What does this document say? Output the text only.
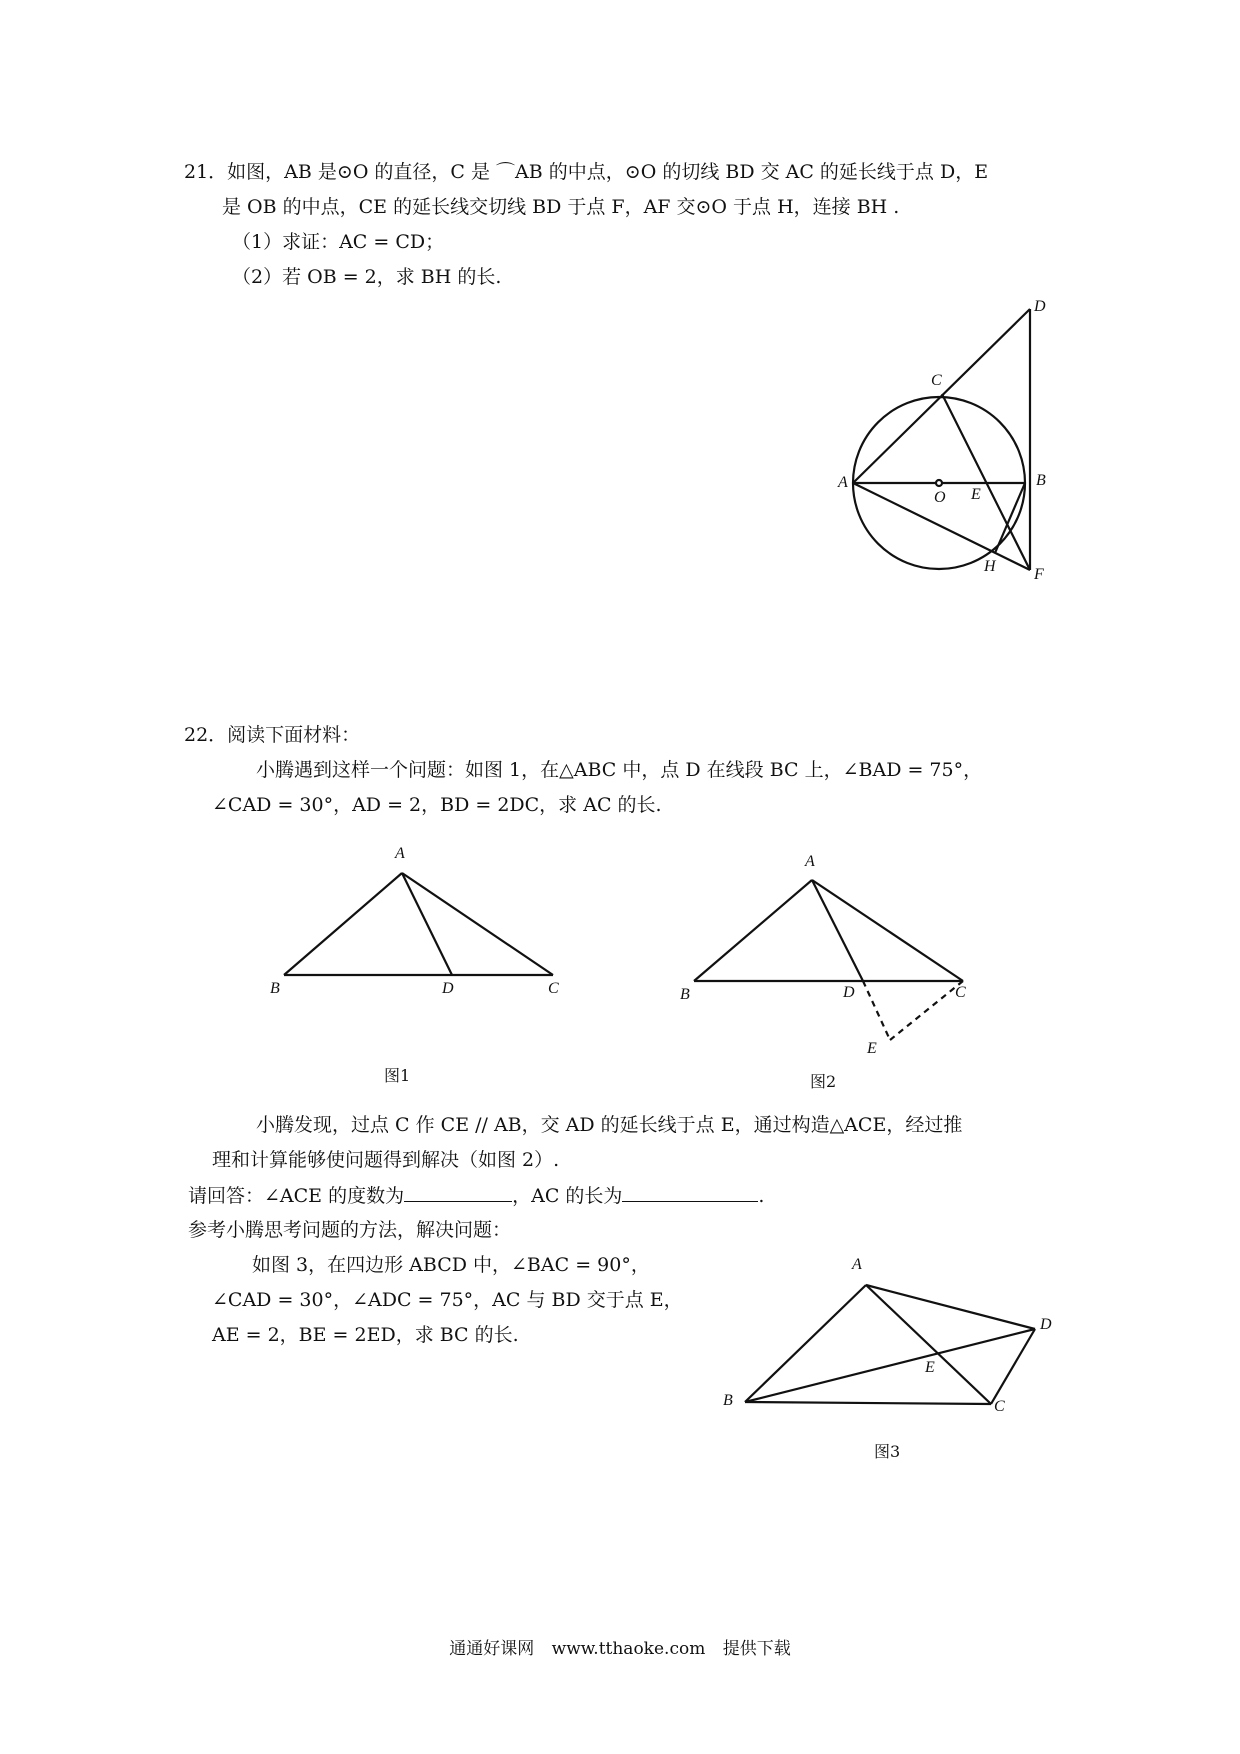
21．如图，AB 是⊙O 的直径，C 是 ⌒AB 的中点，⊙O 的切线 BD 交 AC 的延长线于点 D，E
是 OB 的中点，CE 的延长线交切线 BD 于点 F，AF 交⊙O 于点 H，连接 BH .
（1）求证：AC = CD；
（2）若 OB = 2，求 BH 的长.
D
C
A
O E
B
H F
22．阅读下面材料：
小腾遇到这样一个问题：如图 1，在△ABC 中，点 D 在线段 BC 上，∠BAD = 75°，
∠CAD = 30°，AD = 2，BD = 2DC，求 AC 的长.
A
B	D	C
图1
A
B	D	C
E
图2
小腾发现，过点 C 作 CE // AB，交 AD 的延长线于点 E，通过构造△ACE，经过推
理和计算能够使问题得到解决（如图 2）.
请回答：∠ACE 的度数为	，AC 的长为	.
参考小腾思考问题的方法，解决问题：
如图 3，在四边形 ABCD 中，∠BAC = 90°，
∠CAD = 30°，∠ADC = 75°，AC 与 BD 交于点 E，
AE = 2，BE = 2ED，求 BC 的长.
A
D
E
B	C
图3
通通好课网 www.tthaoke.com 提供下载
